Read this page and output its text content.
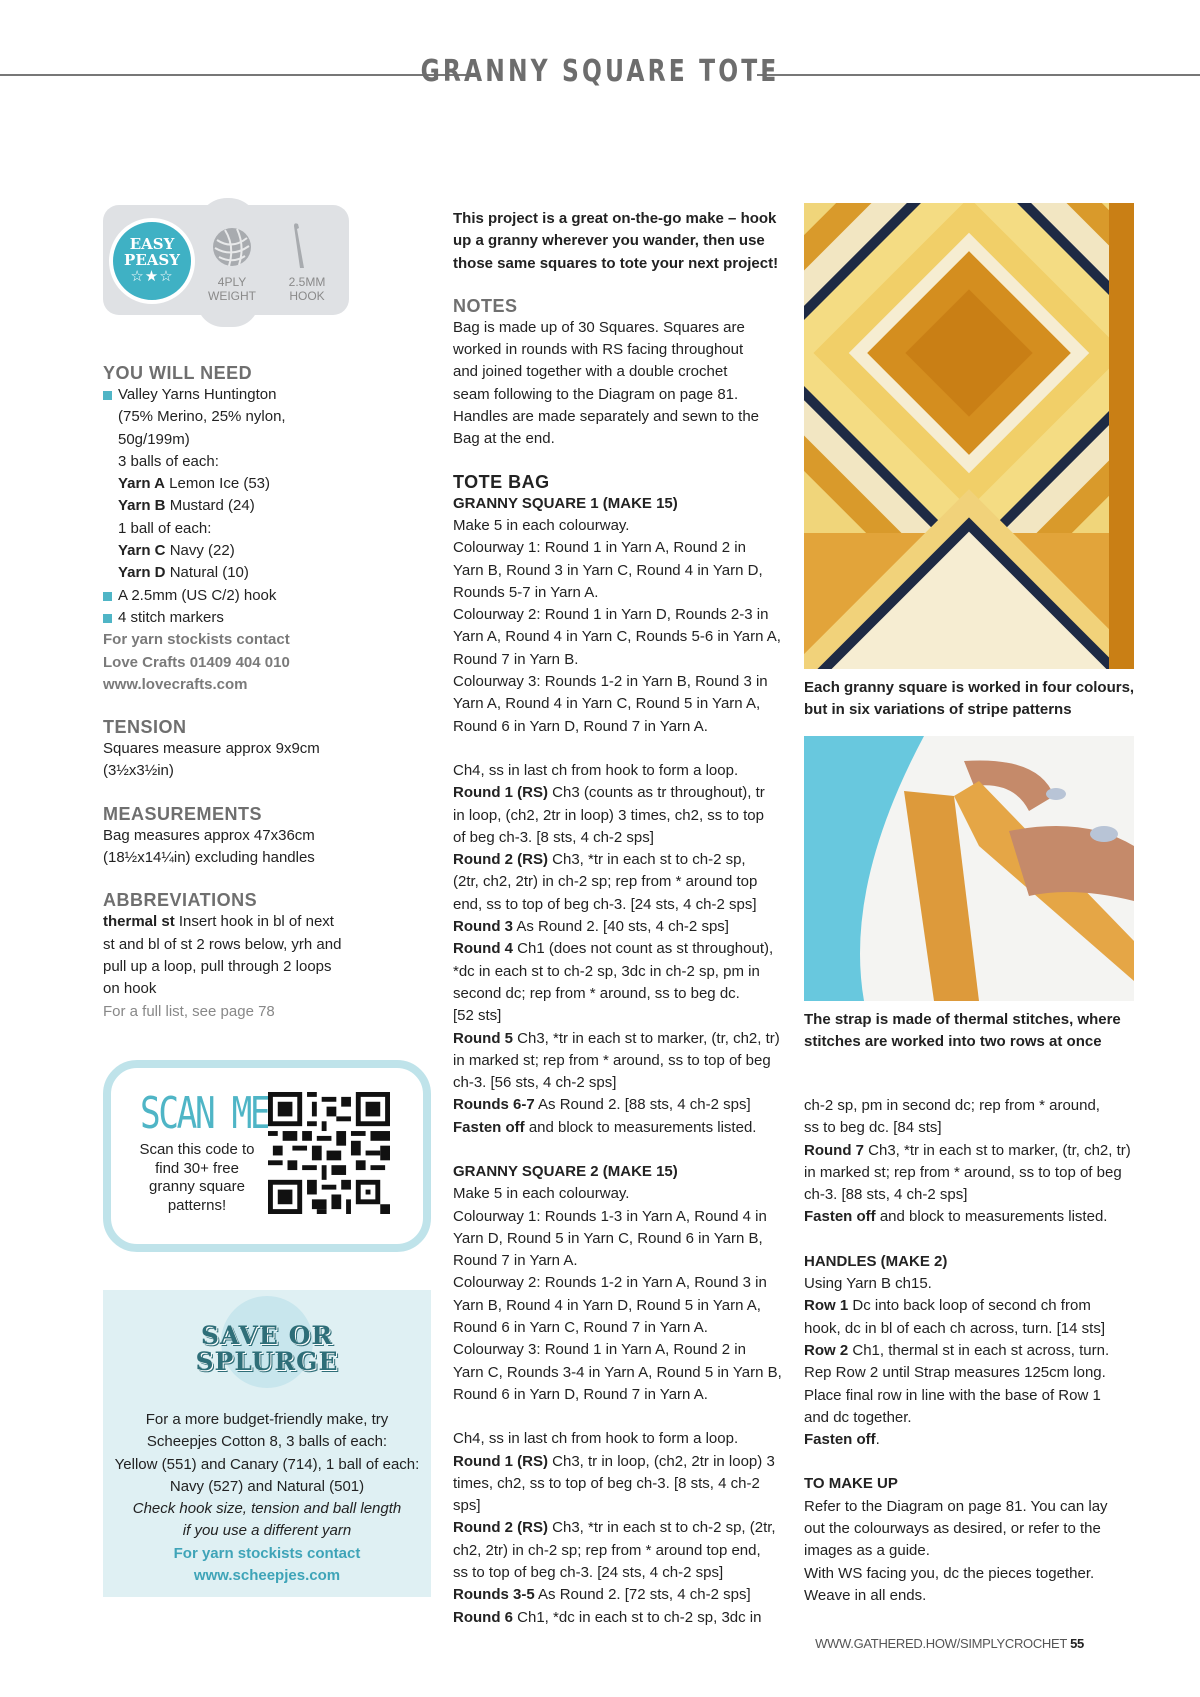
GRANNY SQUARE TOTE
EASY
PEASY
☆★☆	4PLY
WEIGHT
2.5MM
HOOK
YOU WILL NEED

Valley Yarns Huntington
(75% Merino, 25% nylon,
50g/199m)
3 balls of each:

Yarn A Lemon Ice (53)

Yarn B Mustard (24)

1 ball of each:

Yarn C Navy (22)

Yarn D Natural (10)

A 2.5mm (US C/2) hook

4 stitch markers

For yarn stockists contact

Love Crafts 01409 404 010

www.lovecrafts.com

TENSION

Squares measure approx 9x9cm
(3½x3½in)

MEASUREMENTS

Bag measures approx 47x36cm
(18½x14¼in) excluding handles

ABBREVIATIONS

thermal st Insert hook in bl of next
st and bl of st 2 rows below, yrh and
pull up a loop, pull through 2 loops
on hook

For a full list, see page 78

SCAN ME
Scan this code to find 30+ free granny square patterns!
SAVE OR
SPLURGE
For a more budget-friendly make, try
Scheepjes Cotton 8, 3 balls of each:
Yellow (551) and Canary (714), 1 ball of each:
Navy (527) and Natural (501)
Check hook size, tension and ball length
if you use a different yarn
For yarn stockists contact
www.scheepjes.com

This project is a great on-the-go make – hook
up a granny wherever you wander, then use
those same squares to tote your next project!

NOTES

Bag is made up of 30 Squares. Squares are
worked in rounds with RS facing throughout
and joined together with a double crochet
seam following to the Diagram on page 81.
Handles are made separately and sewn to the
Bag at the end.

TOTE BAG

GRANNY SQUARE 1 (MAKE 15)

Make 5 in each colourway.
Colourway 1: Round 1 in Yarn A, Round 2 in
Yarn B, Round 3 in Yarn C, Round 4 in Yarn D,
Rounds 5-7 in Yarn A.
Colourway 2: Round 1 in Yarn D, Rounds 2-3 in
Yarn A, Round 4 in Yarn C, Rounds 5-6 in Yarn A,
Round 7 in Yarn B.
Colourway 3: Rounds 1-2 in Yarn B, Round 3 in
Yarn A, Round 4 in Yarn C, Round 5 in Yarn A,
Round 6 in Yarn D, Round 7 in Yarn A.

Ch4, ss in last ch from hook to form a loop.

Round 1 (RS) Ch3 (counts as tr throughout), tr
in loop, (ch2, 2tr in loop) 3 times, ch2, ss to top
of beg ch-3. [8 sts, 4 ch-2 sps]

Round 2 (RS) Ch3, *tr in each st to ch-2 sp,
(2tr, ch2, 2tr) in ch-2 sp; rep from * around top
end, ss to top of beg ch-3. [24 sts, 4 ch-2 sps]

Round 3 As Round 2. [40 sts, 4 ch-2 sps]

Round 4 Ch1 (does not count as st throughout),
*dc in each st to ch-2 sp, 3dc in ch-2 sp, pm in
second dc; rep from * around, ss to beg dc.
[52 sts]

Round 5 Ch3, *tr in each st to marker, (tr, ch2, tr)
in marked st; rep from * around, ss to top of beg
ch-3. [56 sts, 4 ch-2 sps]

Rounds 6-7 As Round 2. [88 sts, 4 ch-2 sps]

Fasten off and block to measurements listed.

GRANNY SQUARE 2 (MAKE 15)

Make 5 in each colourway.
Colourway 1: Rounds 1-3 in Yarn A, Round 4 in
Yarn D, Round 5 in Yarn C, Round 6 in Yarn B,
Round 7 in Yarn A.
Colourway 2: Rounds 1-2 in Yarn A, Round 3 in
Yarn B, Round 4 in Yarn D, Round 5 in Yarn A,
Round 6 in Yarn C, Round 7 in Yarn A.
Colourway 3: Round 1 in Yarn A, Round 2 in
Yarn C, Rounds 3-4 in Yarn A, Round 5 in Yarn B,
Round 6 in Yarn D, Round 7 in Yarn A.

Ch4, ss in last ch from hook to form a loop.

Round 1 (RS) Ch3, tr in loop, (ch2, 2tr in loop) 3
times, ch2, ss to top of beg ch-3. [8 sts, 4 ch-2 sps]

Round 2 (RS) Ch3, *tr in each st to ch-2 sp, (2tr,
ch2, 2tr) in ch-2 sp; rep from * around top end,
ss to top of beg ch-3. [24 sts, 4 ch-2 sps]

Rounds 3-5 As Round 2. [72 sts, 4 ch-2 sps]

Round 6 Ch1, *dc in each st to ch-2 sp, 3dc in

Each granny square is worked in four colours,
but in six variations of stripe patterns
The strap is made of thermal stitches, where
stitches are worked into two rows at once

ch-2 sp, pm in second dc; rep from * around,
ss to beg dc. [84 sts]

Round 7 Ch3, *tr in each st to marker, (tr, ch2, tr)
in marked st; rep from * around, ss to top of beg
ch-3. [88 sts, 4 ch-2 sps]

Fasten off and block to measurements listed.

HANDLES (MAKE 2)

Using Yarn B ch15.

Row 1 Dc into back loop of second ch from
hook, dc in bl of each ch across, turn. [14 sts]

Row 2 Ch1, thermal st in each st across, turn.

Rep Row 2 until Strap measures 125cm long.
Place final row in line with the base of Row 1
and dc together.

Fasten off.

TO MAKE UP

Refer to the Diagram on page 81. You can lay
out the colourways as desired, or refer to the
images as a guide.
With WS facing you, dc the pieces together.
Weave in all ends.

WWW.GATHERED.HOW/SIMPLYCROCHET 55
